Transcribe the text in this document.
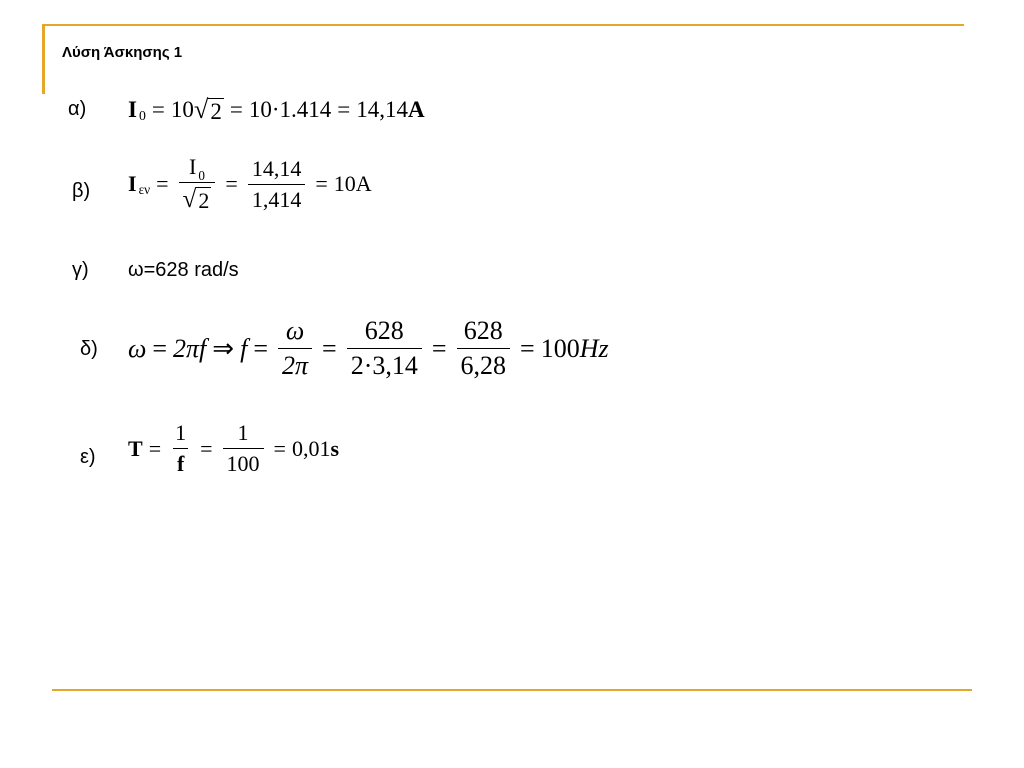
Λύση Άσκησης 1
α) I 0 = 10 √ 2 = 10·1.414 = 14,14 A
β) I $\varepsilon\nu = \frac{I _0}{√ 2} = \frac{14,14}{1,414} = 10A$
γ) ω=628 rad/s
δ) ω = 2πf ⇒ $f = \frac{\omega}{2\pi} = \frac{628}{2\cdot 3,14} = \frac{628}{6,28} = 100$ Hz
ε) $T = \frac{1}{f} = \frac{1}{100} = 0,01$ s
